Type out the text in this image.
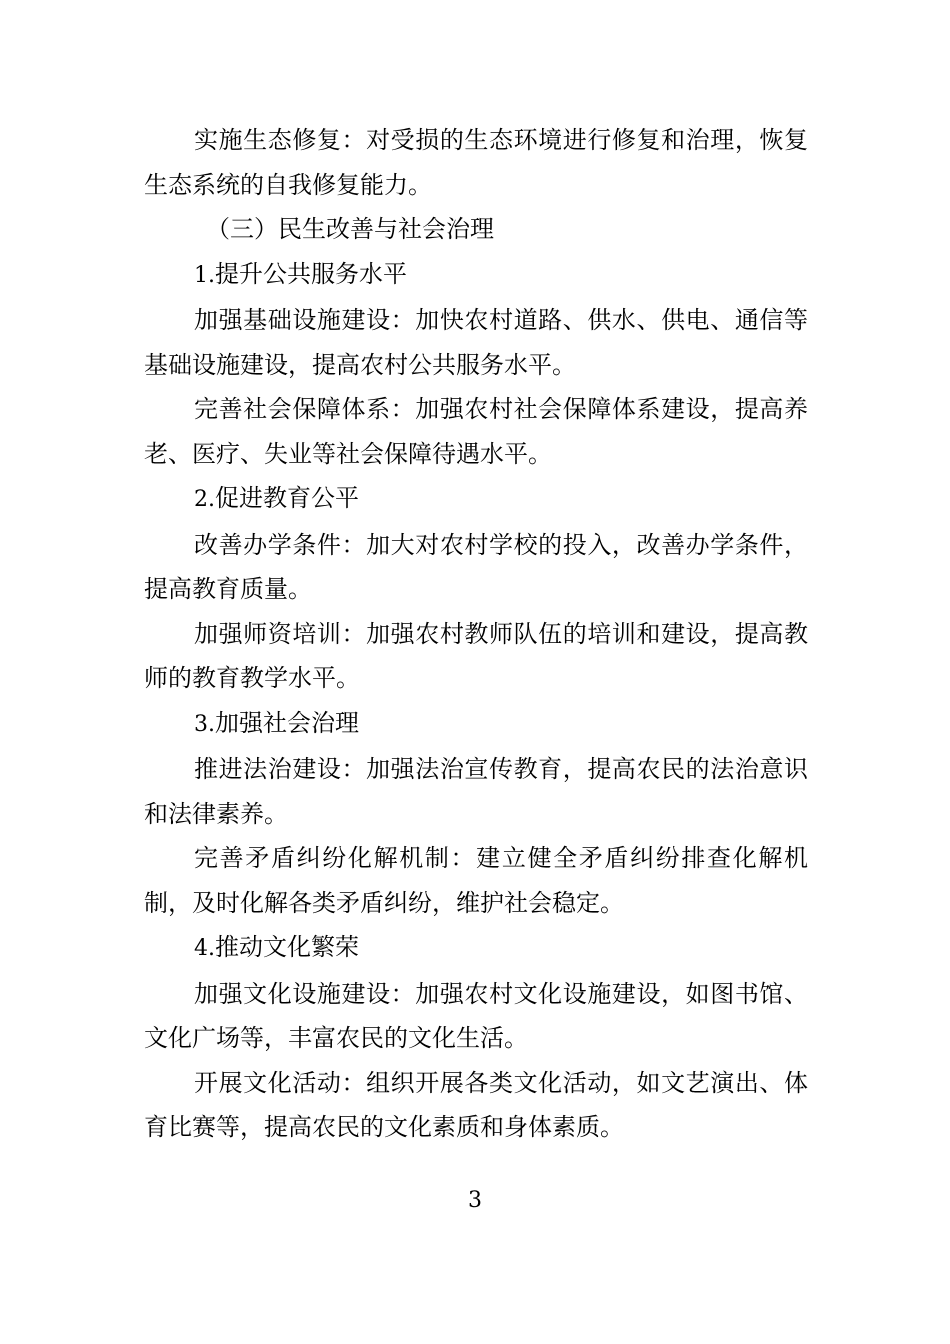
实施生态修复：对受损的生态环境进行修复和治理，恢复生态系统的自我修复能力。

（三）民生改善与社会治理

1.提升公共服务水平

加强基础设施建设：加快农村道路、供水、供电、通信等基础设施建设，提高农村公共服务水平。

完善社会保障体系：加强农村社会保障体系建设，提高养老、医疗、失业等社会保障待遇水平。

2.促进教育公平

改善办学条件：加大对农村学校的投入，改善办学条件，提高教育质量。

加强师资培训：加强农村教师队伍的培训和建设，提高教师的教育教学水平。

3.加强社会治理

推进法治建设：加强法治宣传教育，提高农民的法治意识和法律素养。

完善矛盾纠纷化解机制：建立健全矛盾纠纷排查化解机制，及时化解各类矛盾纠纷，维护社会稳定。

4.推动文化繁荣

加强文化设施建设：加强农村文化设施建设，如图书馆、文化广场等，丰富农民的文化生活。

开展文化活动：组织开展各类文化活动，如文艺演出、体育比赛等，提高农民的文化素质和身体素质。

3
